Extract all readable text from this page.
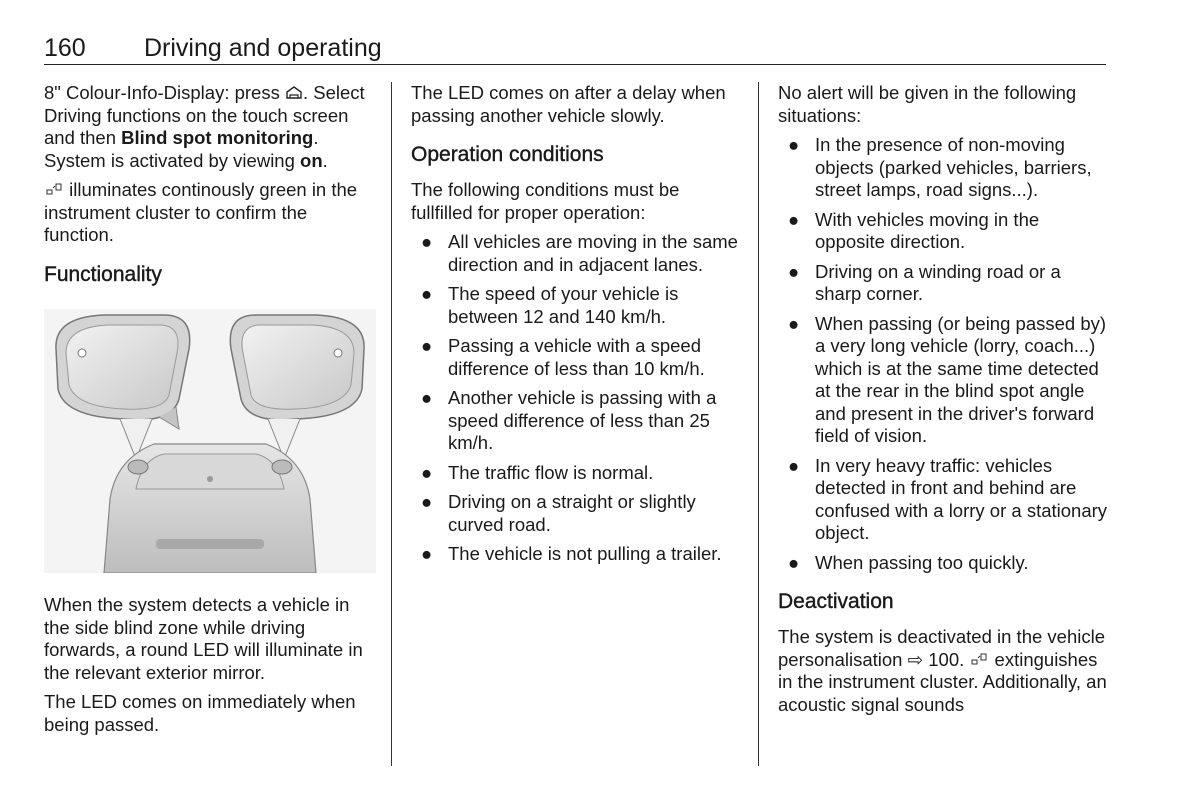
160 Driving and operating

8" Colour-Info-Display: press . Select Driving functions on the touch screen and then Blind spot monitoring. System is activated by viewing on.

illuminates continously green in the instrument cluster to confirm the function.

Functionality

When the system detects a vehicle in the side blind zone while driving forwards, a round LED will illuminate in the relevant exterior mirror.

The LED comes on immediately when being passed.

The LED comes on after a delay when passing another vehicle slowly.

Operation conditions

The following conditions must be fullfilled for proper operation:

● All vehicles are moving in the same direction and in adjacent lanes.
● The speed of your vehicle is between 12 and 140 km/h.
● Passing a vehicle with a speed difference of less than 10 km/h.
● Another vehicle is passing with a speed difference of less than 25 km/h.
● The traffic flow is normal.
● Driving on a straight or slightly curved road.
● The vehicle is not pulling a trailer.

No alert will be given in the following situations:

● In the presence of non-moving objects (parked vehicles, barriers, street lamps, road signs...).
● With vehicles moving in the opposite direction.
● Driving on a winding road or a sharp corner.
● When passing (or being passed by) a very long vehicle (lorry, coach...) which is at the same time detected at the rear in the blind spot angle and present in the driver's forward field of vision.
● In very heavy traffic: vehicles detected in front and behind are confused with a lorry or a stationary object.
● When passing too quickly.
Deactivation

The system is deactivated in the vehicle personalisation ⇨ 100.  extinguishes in the instrument cluster. Additionally, an acoustic signal sounds
